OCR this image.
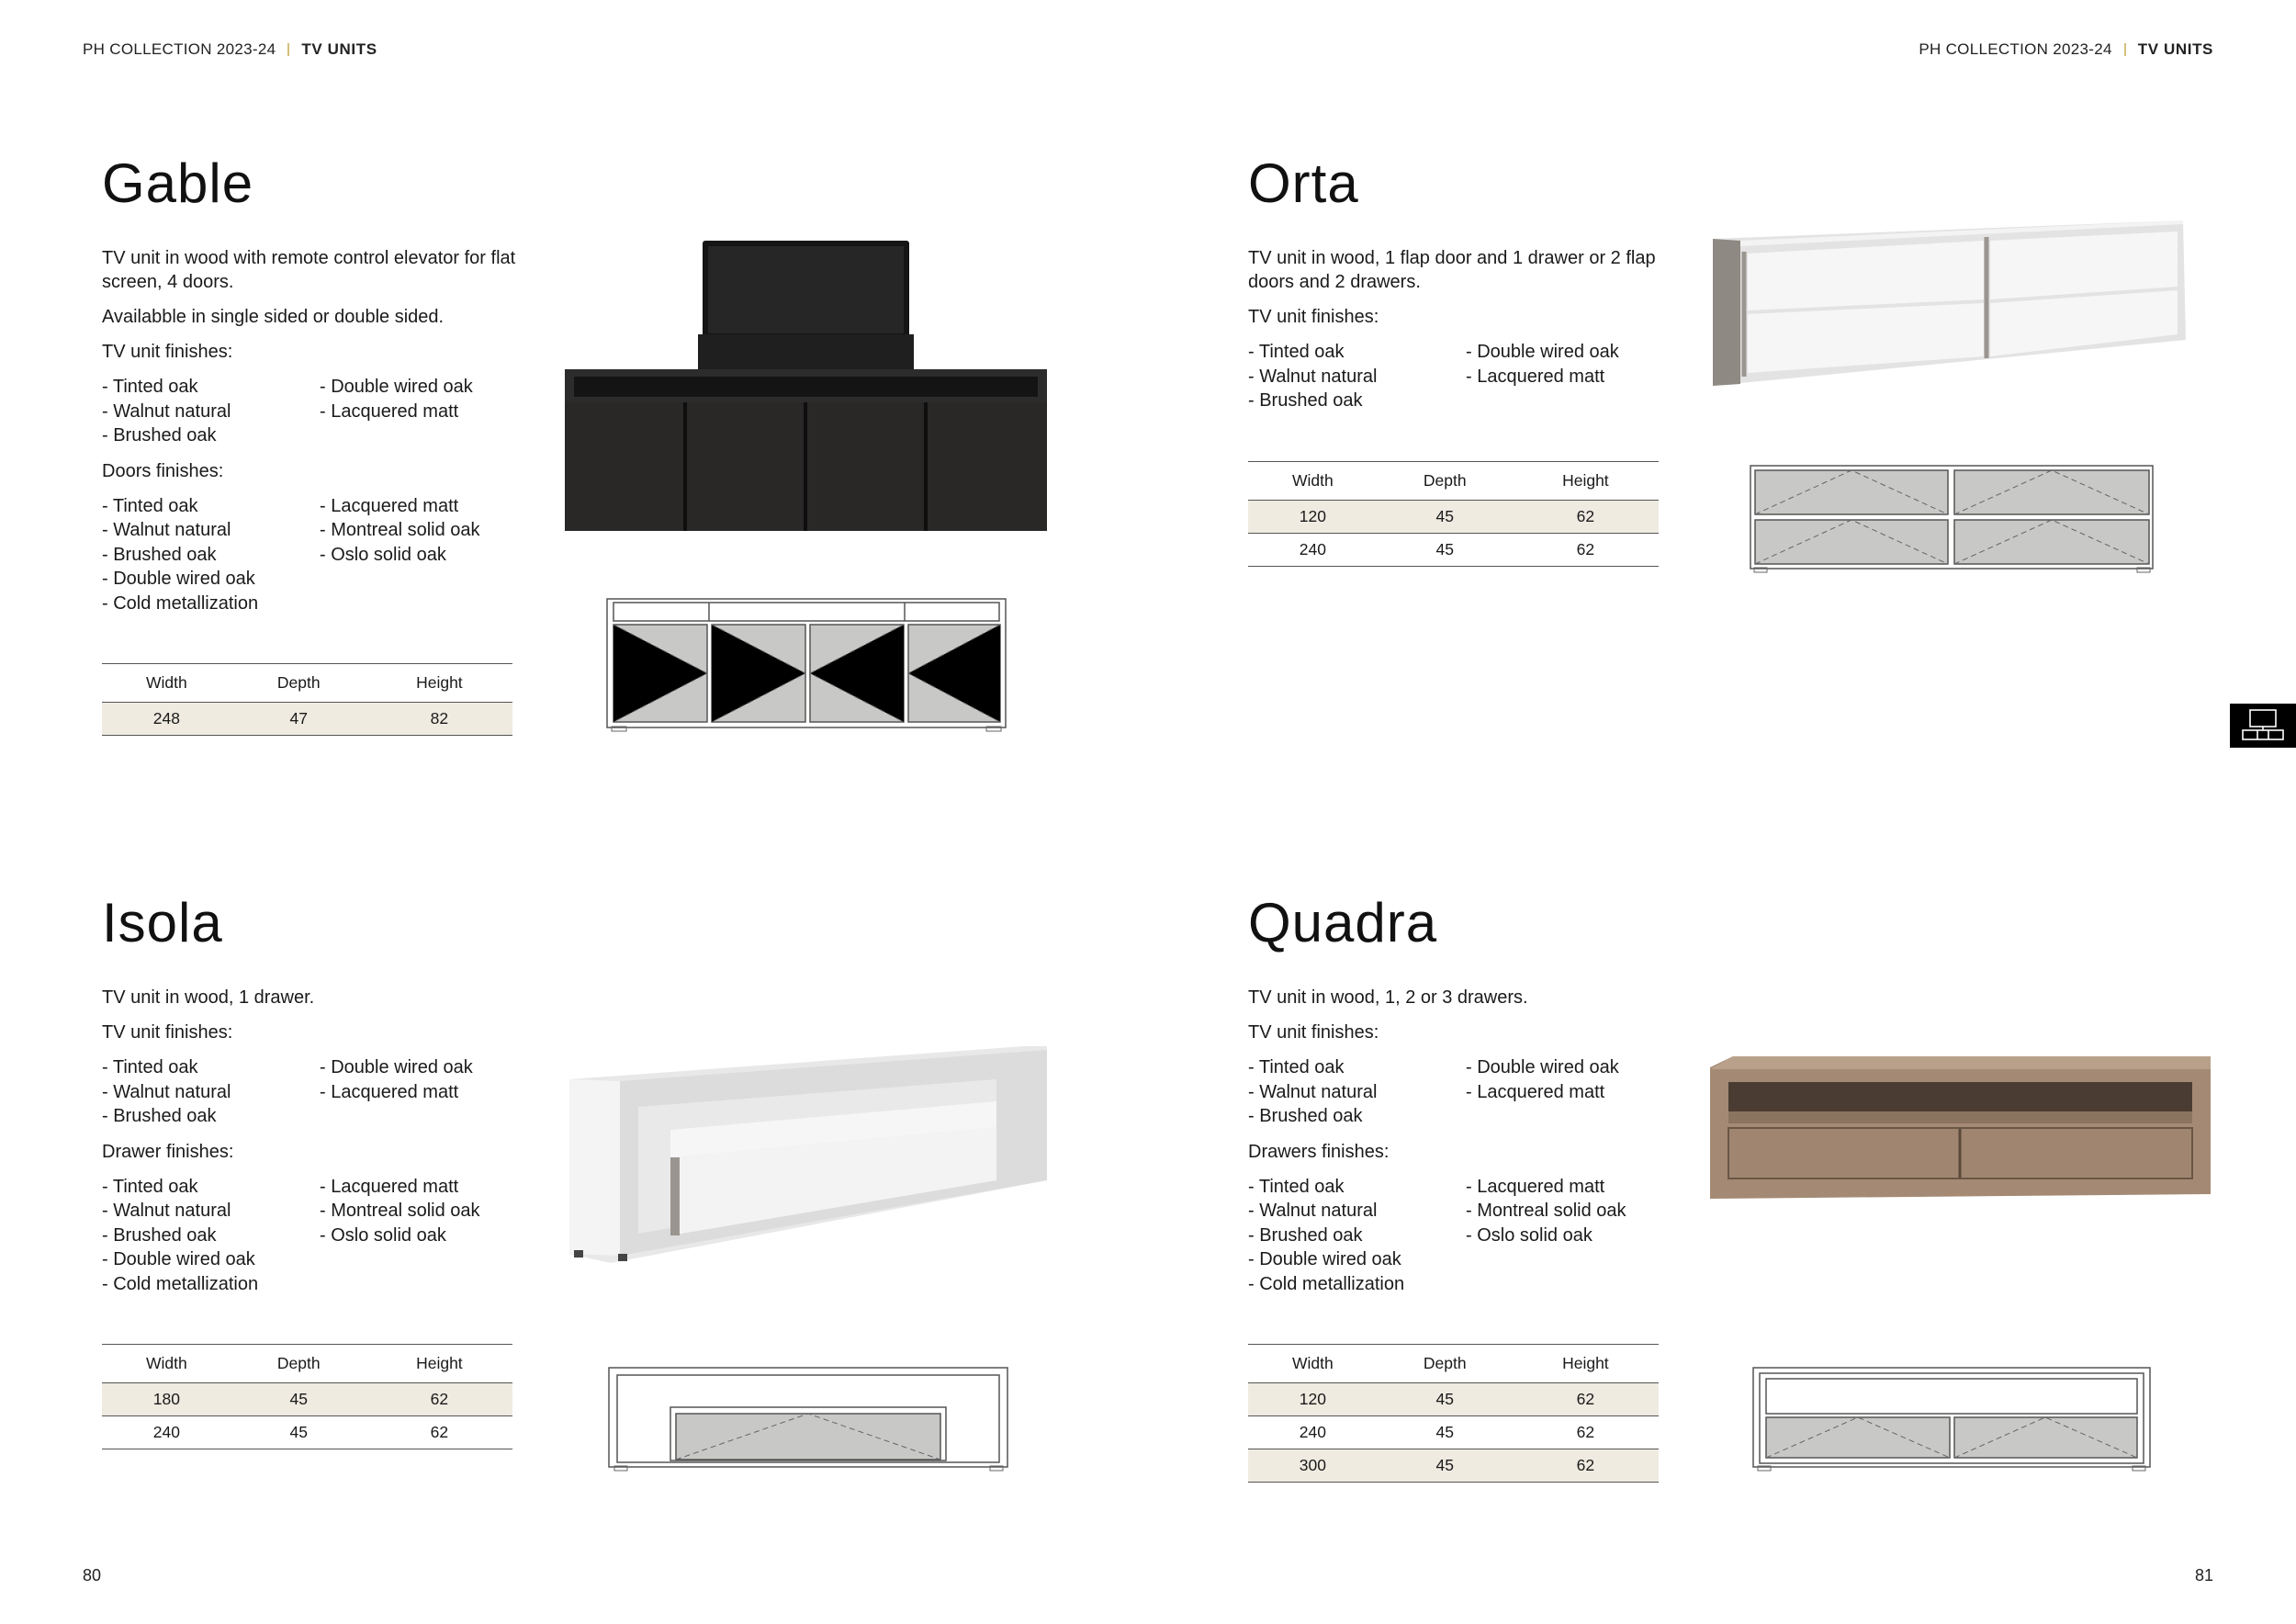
PH COLLECTION 2023-24 TV UNITS	PH COLLECTION 2023-24 TV UNITS
Gable

TV unit in wood with remote control elevator for flat screen, 4 doors.

Availabble in single sided or double sided.

TV unit finishes:

- Tinted oak
- Walnut natural
- Brushed oak
- Double wired oak
- Lacquered matt

Doors finishes:

- Tinted oak
- Walnut natural
- Brushed oak
- Double wired oak
- Cold metallization
- Lacquered matt
- Montreal solid oak
- Oslo solid oak
Width	Depth	Height
248	47	82
Orta

TV unit in wood, 1 flap door and 1 drawer or 2 flap doors and 2 drawers.

TV unit finishes:

- Tinted oak
- Walnut natural
- Brushed oak
- Double wired oak
- Lacquered matt
Width	Depth	Height
120	45	62
240	45	62
Isola

TV unit in wood, 1 drawer.

TV unit finishes:

- Tinted oak
- Walnut natural
- Brushed oak
- Double wired oak
- Lacquered matt

Drawer finishes:

- Tinted oak
- Walnut natural
- Brushed oak
- Double wired oak
- Cold metallization
- Lacquered matt
- Montreal solid oak
- Oslo solid oak
Width	Depth	Height
180	45	62
240	45	62
Quadra

TV unit in wood, 1, 2 or 3 drawers.

TV unit finishes:

- Tinted oak
- Walnut natural
- Brushed oak
- Double wired oak
- Lacquered matt

Drawers finishes:

- Tinted oak
- Walnut natural
- Brushed oak
- Double wired oak
- Cold metallization
- Lacquered matt
- Montreal solid oak
- Oslo solid oak
Width	Depth	Height
120	45	62
240	45	62
300	45	62
80	81
